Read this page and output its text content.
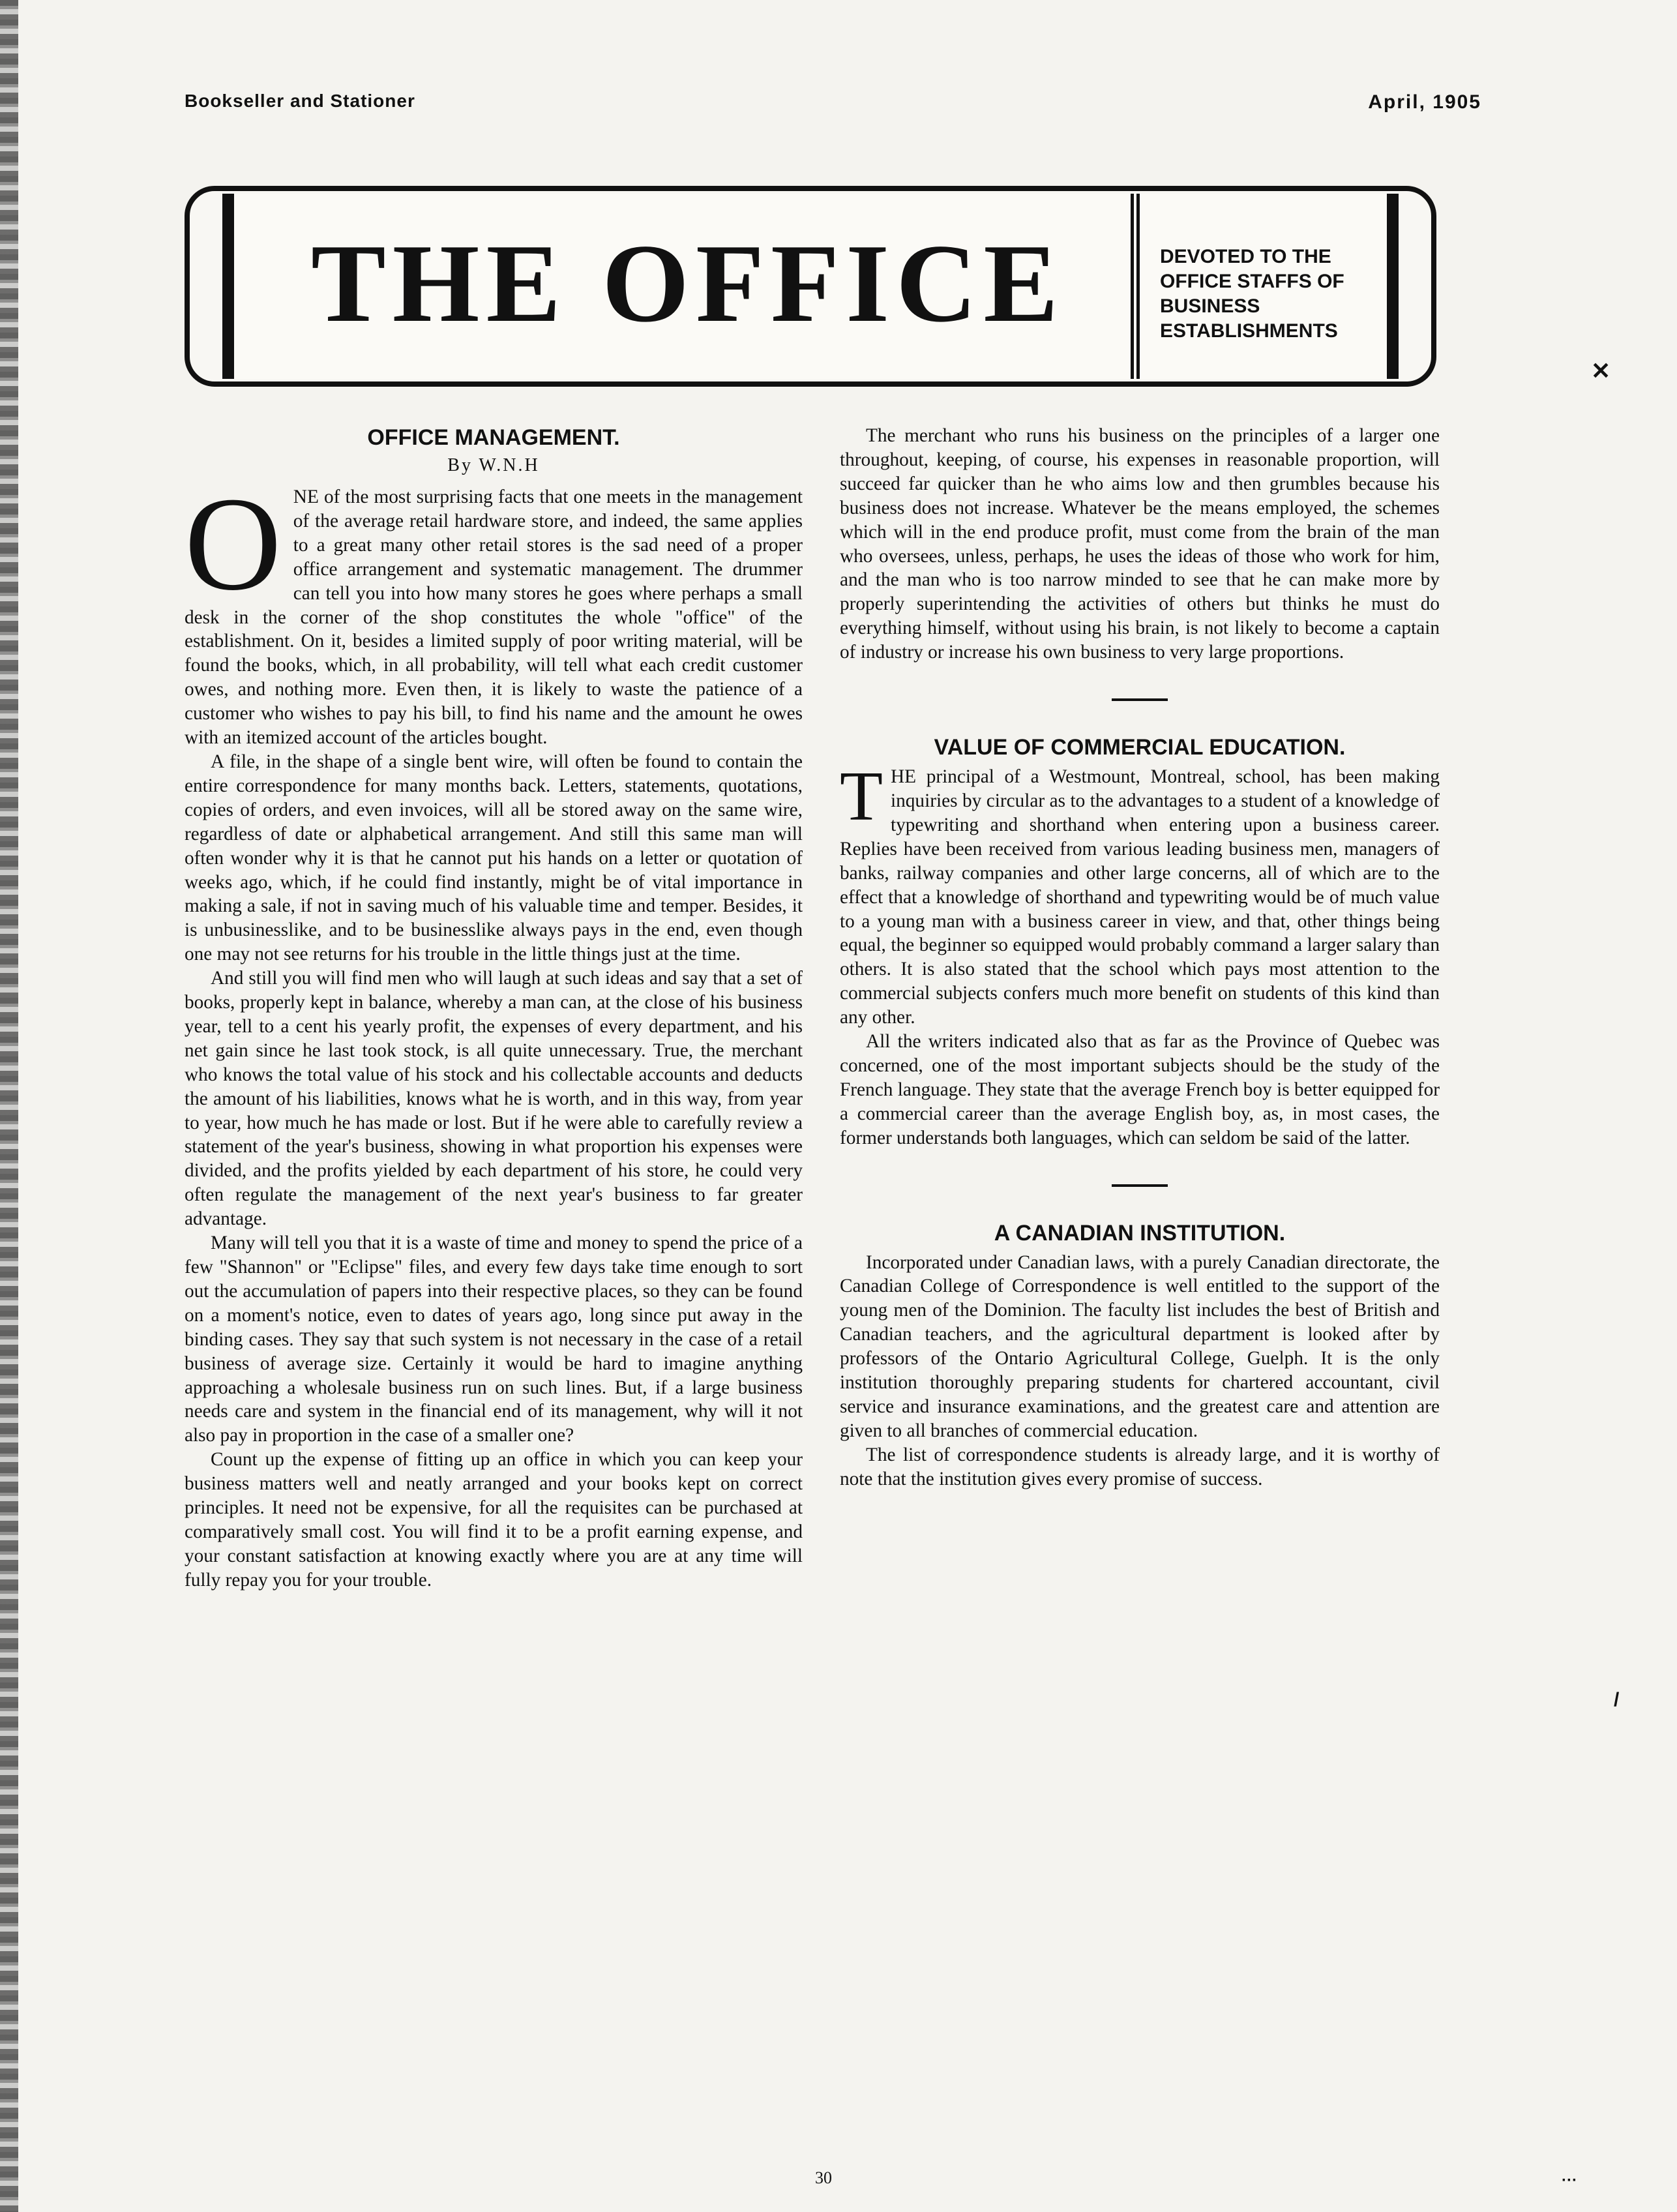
Bookseller and Stationer	April, 1905
THE OFFICE	DEVOTED TO THE
OFFICE STAFFS OF
BUSINESS
ESTABLISHMENTS
OFFICE MANAGEMENT.
By W.N.H
O NE of the most surprising facts that one meets in the management of the average retail hardware store, and indeed, the same applies to a great many other retail stores is the sad need of a proper office arrangement and systematic management. The drummer can tell you into how many stores he goes where perhaps a small desk in the corner of the shop constitutes the whole "office" of the establishment. On it, besides a limited supply of poor writing material, will be found the books, which, in all probability, will tell what each credit customer owes, and nothing more. Even then, it is likely to waste the patience of a customer who wishes to pay his bill, to find his name and the amount he owes with an itemized account of the articles bought.

A file, in the shape of a single bent wire, will often be found to contain the entire correspondence for many months back. Letters, statements, quotations, copies of orders, and even invoices, will all be stored away on the same wire, regardless of date or alphabetical arrangement. And still this same man will often wonder why it is that he cannot put his hands on a letter or quotation of weeks ago, which, if he could find instantly, might be of vital importance in making a sale, if not in saving much of his valuable time and temper. Besides, it is unbusinesslike, and to be businesslike always pays in the end, even though one may not see returns for his trouble in the little things just at the time.

And still you will find men who will laugh at such ideas and say that a set of books, properly kept in balance, whereby a man can, at the close of his business year, tell to a cent his yearly profit, the expenses of every department, and his net gain since he last took stock, is all quite unnecessary. True, the merchant who knows the total value of his stock and his collectable accounts and deducts the amount of his liabilities, knows what he is worth, and in this way, from year to year, how much he has made or lost. But if he were able to carefully review a statement of the year's business, showing in what proportion his expenses were divided, and the profits yielded by each department of his store, he could very often regulate the management of the next year's business to far greater advantage.

Many will tell you that it is a waste of time and money to spend the price of a few "Shannon" or "Eclipse" files, and every few days take time enough to sort out the accumulation of papers into their respective places, so they can be found on a moment's notice, even to dates of years ago, long since put away in the binding cases. They say that such system is not necessary in the case of a retail business of average size. Certainly it would be hard to imagine anything approaching a wholesale business run on such lines. But, if a large business needs care and system in the financial end of its management, why will it not also pay in proportion in the case of a smaller one?

Count up the expense of fitting up an office in which you can keep your business matters well and neatly arranged and your books kept on correct principles. It need not be expensive, for all the requisites can be purchased at comparatively small cost. You will find it to be a profit earning expense, and your constant satisfaction at knowing exactly where you are at any time will fully repay you for your trouble.

The merchant who runs his business on the principles of a larger one throughout, keeping, of course, his expenses in reasonable proportion, will succeed far quicker than he who aims low and then grumbles because his business does not increase. Whatever be the means employed, the schemes which will in the end produce profit, must come from the brain of the man who oversees, unless, perhaps, he uses the ideas of those who work for him, and the man who is too narrow minded to see that he can make more by properly superintending the activities of others but thinks he must do everything himself, without using his brain, is not likely to become a captain of industry or increase his own business to very large proportions.

VALUE OF COMMERCIAL EDUCATION.
T HE principal of a Westmount, Montreal, school, has been making inquiries by circular as to the advantages to a student of a knowledge of typewriting and shorthand when entering upon a business career. Replies have been received from various leading business men, managers of banks, railway companies and other large concerns, all of which are to the effect that a knowledge of shorthand and typewriting would be of much value to a young man with a business career in view, and that, other things being equal, the beginner so equipped would probably command a larger salary than others. It is also stated that the school which pays most attention to the commercial subjects confers much more benefit on students of this kind than any other.

All the writers indicated also that as far as the Province of Quebec was concerned, one of the most important subjects should be the study of the French language. They state that the average French boy is better equipped for a commercial career than the average English boy, as, in most cases, the former understands both languages, which can seldom be said of the latter.

A CANADIAN INSTITUTION.

Incorporated under Canadian laws, with a purely Canadian directorate, the Canadian College of Correspondence is well entitled to the support of the young men of the Dominion. The faculty list includes the best of British and Canadian teachers, and the agricultural department is looked after by professors of the Ontario Agricultural College, Guelph. It is the only institution thoroughly preparing students for chartered accountant, civil service and insurance examinations, and the greatest care and attention are given to all branches of commercial education.

The list of correspondence students is already large, and it is worthy of note that the institution gives every promise of success.

30
✕
/
···
